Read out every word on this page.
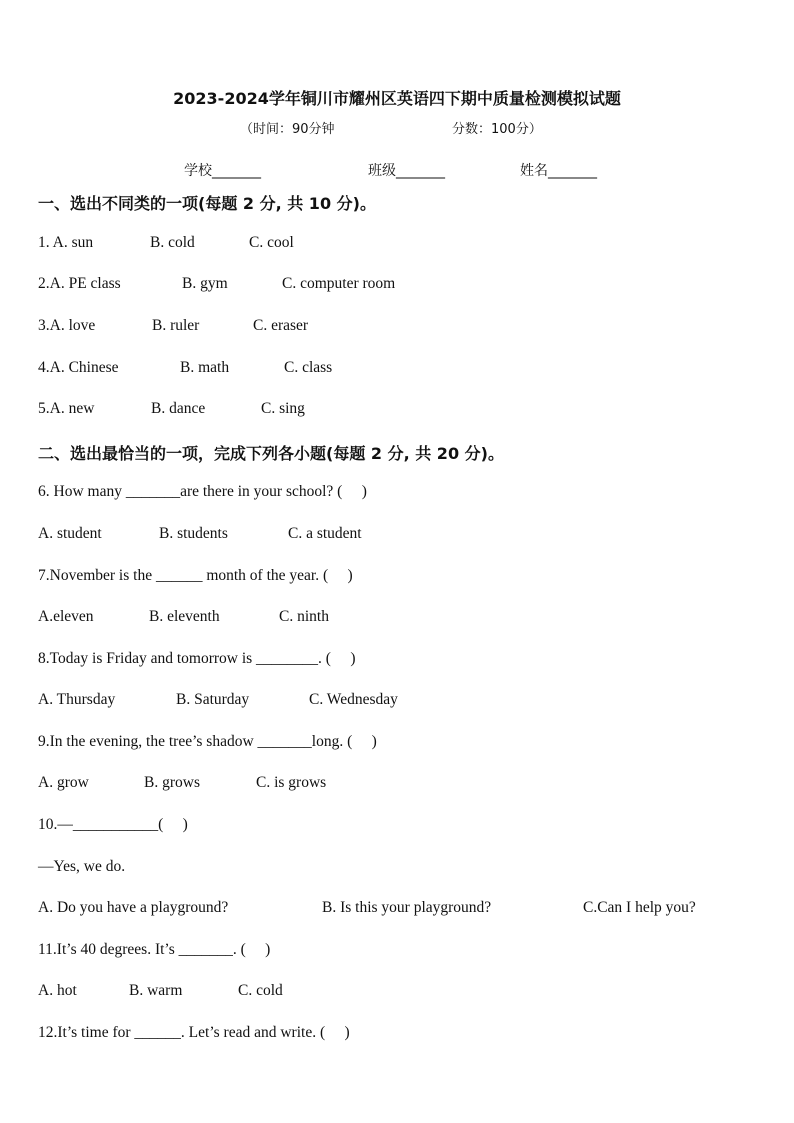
2023-2024学年铜川市耀州区英语四下期中质量检测模拟试题
（时间：90分钟	分数：100分）
学校_______	班级_______	姓名_______
一、选出不同类的一项(每题 2 分, 共 10 分)。
1. A. sun	B. cold	C. cool
2.A. PE class	B. gym	C. computer room
3.A. love	B. ruler	C. eraser
4.A. Chinese	B. math	C. class
5.A. new	B. dance	C. sing
二、选出最恰当的一项，完成下列各小题(每题 2 分, 共 20 分)。
6. How many _______are there in your school? (     )
A. student	B. students	C. a student
7.November is the ______ month of the year. (     )
A.eleven	B. eleventh	C. ninth
8.Today is Friday and tomorrow is ________. (     )
A. Thursday	B. Saturday	C. Wednesday
9.In the evening, the tree’s shadow _______long. (     )
A. grow	B. grows	C. is grows
10.—___________(     )
—Yes, we do.
A. Do you have a playground?	B. Is this your playground?	C.Can I help you?
11.It’s 40 degrees. It’s _______. (     )
A. hot	B. warm	C. cold
12.It’s time for ______. Let’s read and write. (     )
